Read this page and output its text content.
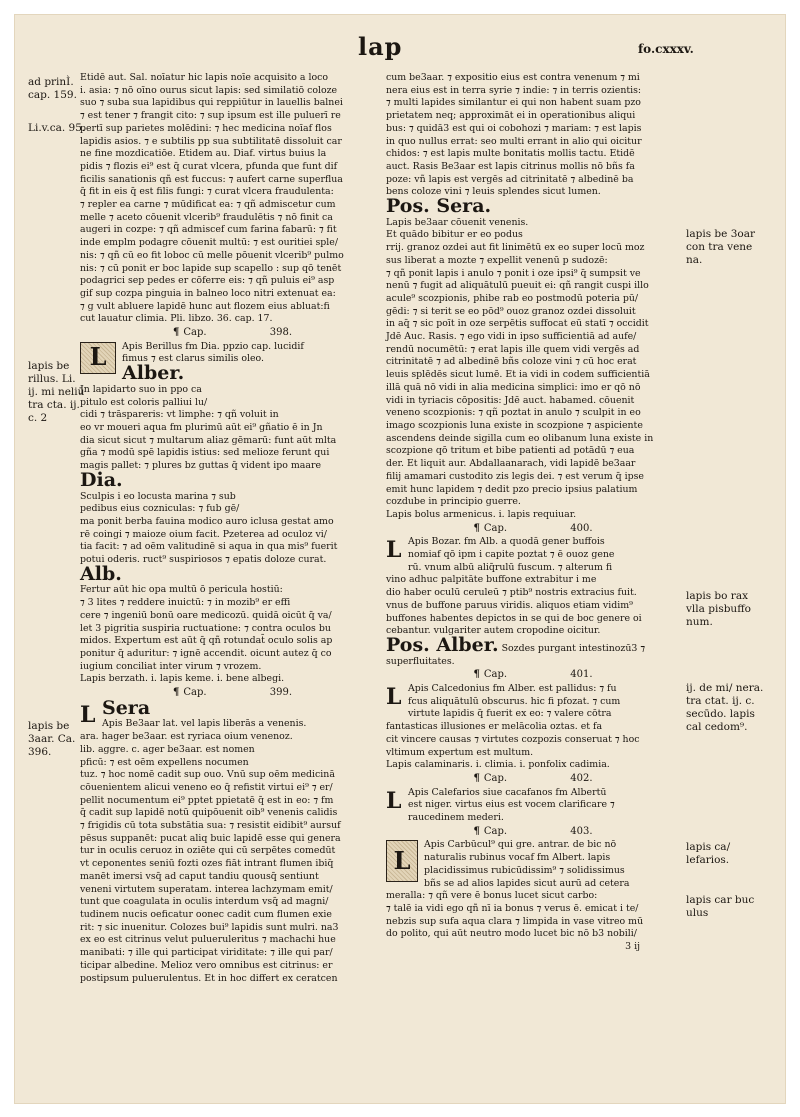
lap	fo.cxxxv.
ad prinÌ. cap. 159.
Li.v.ca. 95.
lapis be rillus. Li. ij. mi neliū tra cta. ij. c. 2
lapis be 3aar. Ca. 396.
lapis be 3oar con tra vene na.
lapis bo rax vlla pisbuffo num.
ij. de mi/ nera. tra ctat. ij. c. secūdo. lapis cal cedom⁹.
lapis ca/ lefarios.
lapis car buc ulus

Etidē aut. Sal. noīatur hic lapis noīe acquisito a loco

i. asia: ⁊ nō oīno ourus sicut lapis: sed similatiō coloze

suo ⁊ suba sua lapidibus qui reppiūtur in lauellis balnei

⁊ est tener ⁊ frangit cito: ⁊ sup ipsum est ille puluerī re

pertī sup parietes molēdini: ⁊ hec medicina noīaf flos

lapidis asios. ⁊ e subtilis pp sua subtilitatē dissoluit car

ne fine mozdicatiōe. Etidem au. Diaf. virtus buius la

pidis ⁊ flozis ei⁹ est q̄ curat vlcera, pfunda que funt dif

ficilis sanationis qñ est fuccus: ⁊ aufert carne superflua

q̄ fit in eis q̄ est filis fungi: ⁊ curat vlcera fraudulenta:

⁊ repler ea carne ⁊ mūdificat ea: ⁊ qñ admiscetur cum

melle ⁊ aceto cōuenit vlcerib⁹ fraudulētis ⁊ nō finit ca

augeri in cozpe: ⁊ qñ admiscef cum farina fabarū: ⁊ fit

inde emplm podagre cōuenit multū: ⁊ est ouritiei sple/

nis: ⁊ qñ cū eo fit loboc cū melle pōuenit vlcerib⁹ pulmo

nis: ⁊ cū ponit er boc lapide sup scapello : sup qō tenēt

podagrici sep pedes er cōferre eis: ⁊ qñ puluis ei⁹ asp

gif sup cozpa pinguia in balneo loco nitri extenuat ea:

⁊ g vult abluere lapidē hunc aut flozem eius abluat:fi

cut lauatur climia. Pli. libzo. 36. cap. 17.

¶ Cap.	398.

L	Apis Berillus fm Dia. ppzio cap. lucidif

fimus ⁊ est clarus similis oleo.

Alber.

Jn lapidarto suo in ppo ca

pitulo est coloris palliui lu/

cidi ⁊ trāspareris: vt limphe: ⁊ qñ voluit in

eo vr moueri aqua fm plurimū aūt ei⁹ gñatio ē in Jn

dia sicut sicut ⁊ multarum aliaz gēmarū: funt aūt mlta

gña ⁊ modū spē lapidis istius: sed melioze ferunt qui

magis pallet: ⁊ plures bz guttas q̄ vident ipo maare

Dia.

Sculpis i eo locusta marina ⁊ sub

pedibus eius cozniculas: ⁊ fub gē/

ma ponit berba fauina modico auro iclusa gestat amo

rē coingi ⁊ maioze oium facit. Pzeterea ad oculoz vi/

tia facit: ⁊ ad oēm valitudinē si aqua in qua mis⁹ fuerit

potui oderis. ruct⁹ suspiriosos ⁊ epatis doloze curat.

Alb.

Fertur aūt hic opa multū ō pericula hostiū:

⁊ 3 lites ⁊ reddere inuictū: ⁊ in mozib⁹ er effi

cere ⁊ ingeniū bonū oare medicozū. quidā oicūt q̄ va/

let 3 pigritia suspiria ructuatione: ⁊ contra oculos bu

midos. Expertum est aūt q̄ qñ rotundat̄ oculo solis ap

ponitur q̄ aduritur: ⁊ ignē accendit. oicunt autez q̄ co

iugium conciliat inter virum ⁊ vrozem.

Lapis berzath. i. lapis keme. i. bene albegi.

¶ Cap.	399.

L Sera

Apis Be3aar lat. vel lapis liberās a venenis.

ara. hager be3aar. est ryriaca oium venenoz.

lib. aggre. c. ager be3aar. est nomen

pficū: ⁊ est oēm expellens nocumen

tuz. ⁊ hoc nomē cadit sup ouo. Vnū sup oēm medicinā

cōuenientem alicui veneno eo q̄ refistit virtui ei⁹ ⁊ er/

pellit nocumentum ei⁹ pptet ppietatē q̄ est in eo: ⁊ fm

q̄ cadit sup lapidē notū quipōuenit oib⁹ venenis calidis

⁊ frigidis cū tota substātia sua: ⁊ resistit eidibit⁹ aursuf

pēsus suppanēt: pucat aliq buic lapidē esse qui genera

tur in oculis ceruoz in oziēte qui cū serpētes comedūt

vt ceponentes seniū fozti ozes fiāt intrant flumen ibiq̄

manēt imersi vsq̄ ad caput tandiu quousq̄ sentiunt

veneni virtutem superatam. interea lachzymam emit/

tunt que coagulata in oculis interdum vsq̄ ad magni/

tudinem nucis oeficatur oonec cadit cum flumen exie

rit: ⁊ sic inuenitur. Colozes bui⁹ lapidis sunt mulri. na3

ex eo est citrinus velut pulueruleritus ⁊ machachi hue

manibati: ⁊ ille qui participat viriditate: ⁊ ille qui par/

ticipar albedine. Melioz vero omnibus est citrinus: er

postipsum puluerulentus. Et in hoc differt ex ceratcen

cum be3aar. ⁊ expositio eius est contra venenum ⁊ mi

nera eius est in terra syrie ⁊ indie: ⁊ in terris ozientis:

⁊ multi lapides similantur ei qui non habent suam pzo

prietatem neq; approximāt ei in operationibus aliqui

bus: ⁊ quidā3 est qui oi cobohozi ⁊ mariam: ⁊ est lapis

in quo nullus errat: seo multi errant in alio qui oicitur

chidos: ⁊ est lapis multe bonitatis mollis tactu. Etidē

auct. Rasis Be3aar est lapis citrinus mollis nō bñs fa

poze: vñ lapis est vergēs ad citrinitatē ⁊ albedinē ba

bens coloze vini ⁊ leuis splendes sicut lumen.

Pos. Sera.

Lapis be3aar cōuenit venenis.

Et quādo bibitur er eo podus

rrij. granoz ozdei aut fit linimētū ex eo super locū moz

sus liberat a mozte ⁊ expellit venenū p sudozē:

⁊ qñ ponit lapis i anulo ⁊ ponit i oze ipsi⁹ q̄ sumpsit ve

nenū ⁊ fugit ad aliquātulū pueuit ei: qñ rangit cuspi illo

acule⁹ scozpionis, phibe rab eo postmodū poteria pū/

gēdi: ⁊ si terit se eo pōd⁹ ouoz granoz ozdei dissoluit

in aq̄ ⁊ sic poīt in oze serpētis suffocat eū statī ⁊ occidit

Jdē Auc. Rasis. ⁊ ego vidi in ipso sufficientiā ad aufe/

rendū nocumētū: ⁊ erat lapis ille quem vidi vergēs ad

citrinitatē ⁊ ad albedinē bñs coloze vini ⁊ cū hoc erat

leuis splēdēs sicut lumē. Et ia vidi in codem sufficientiā

illā quā nō vidi in alia medicina simplici: imo er qō nō

vidi in tyriacis cōpositis: Jdē auct. habamed. cōuenit

veneno scozpionis: ⁊ qñ poztat in anulo ⁊ sculpit in eo

imago scozpionis luna existe in scozpione ⁊ aspiciente

ascendens deinde sigilla cum eo olibanum luna existe in

scozpione qō tritum et bibe patienti ad potādū ⁊ eua

der. Et liquit aur. Abdallaanarach, vidi lapidē be3aar

filij amamari custodito zis legis dei. ⁊ est verum q̄ ipse

emit hunc lapidem ⁊ dedit pzo precio ipsius palatium

cozdube in principio guerre.

Lapis bolus armenicus. i. lapis requiuar.

¶ Cap.	400.

L Apis Bozar. fm Alb. a quodā gener buffois

nomiaf qō ipm i capite poztat ⁊ ē ouoz gene

rū. vnum albū aliq̄rulū fuscum. ⁊ alterum fi

vino adhuc palpitāte buffone extrabitur i me

dio haber oculū ceruleū ⁊ ptib⁹ nostris extracius fuit.

vnus de buffone paruus viridis. aliquos etiam vidim⁹

buffones habentes depictos in se qui de boc genere oi

cebantur. vulgariter autem cropodine oicitur.

Pos. Alber. Sozdes purgant intestinozū3 ⁊ superfluitates.

¶ Cap.	401.

L Apis Calcedonius fm Alber. est pallidus: ⁊ fu

fcus aliquātulū obscurus. hic fi pfozat. ⁊ cum

virtute lapidis q̄ fuerit ex eo: ⁊ valere cōtra

fantasticas illusiones er melācolia oztas. et fa

cit vincere causas ⁊ virtutes cozpozis conseruat ⁊ hoc

vltimum expertum est multum.

Lapis calaminaris. i. climia. i. ponfolix cadimia.

¶ Cap.	402.

L Apis Calefarios siue cacafanos fm Albertū

est niger. virtus eius est vocem clarificare ⁊

raucedinem mederi.

¶ Cap.	403.

L

Apis Carbūcul⁹ qui gre. antrar. de bic nō

naturalis rubinus vocaf fm Albert. lapis

placidissimus rubicūdissim⁹ ⁊ solidissimus

bñs se ad alios lapides sicut aurū ad cetera

meralla: ⁊ qñ vere ē bonus lucet sicut carbo:

⁊ talē ia vidi ego qñ nī ia bonus ⁊ verus ē. emicat i te/

nebzis sup sufa aqua clara ⁊ limpida in vase vitreo mū

do polito, qui aūt neutro modo lucet bic nō b3 nobili/

3 ij
